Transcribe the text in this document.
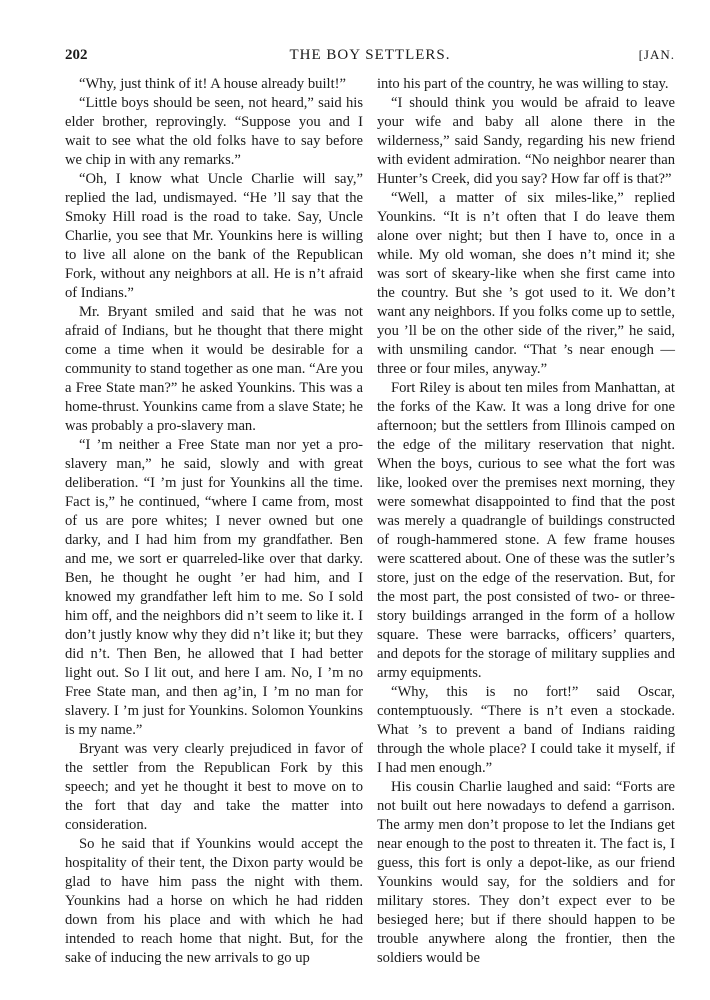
202	THE BOY SETTLERS.	[JAN.

“Why, just think of it! A house already built!”

“Little boys should be seen, not heard,” said his elder brother, reprovingly. “Suppose you and I wait to see what the old folks have to say before we chip in with any remarks.”

“Oh, I know what Uncle Charlie will say,” replied the lad, undismayed. “He ’ll say that the Smoky Hill road is the road to take. Say, Uncle Charlie, you see that Mr. Younkins here is willing to live all alone on the bank of the Republican Fork, without any neighbors at all. He is n’t afraid of Indians.”

Mr. Bryant smiled and said that he was not afraid of Indians, but he thought that there might come a time when it would be desirable for a community to stand together as one man. “Are you a Free State man?” he asked Younkins. This was a home-thrust. Younkins came from a slave State; he was probably a pro-slavery man.

“I ’m neither a Free State man nor yet a pro-slavery man,” he said, slowly and with great deliberation. “I ’m just for Younkins all the time. Fact is,” he continued, “where I came from, most of us are pore whites; I never owned but one darky, and I had him from my grandfather. Ben and me, we sort er quarreled-like over that darky. Ben, he thought he ought ’er had him, and I knowed my grandfather left him to me. So I sold him off, and the neighbors did n’t seem to like it. I don’t justly know why they did n’t like it; but they did n’t. Then Ben, he allowed that I had better light out. So I lit out, and here I am. No, I ’m no Free State man, and then ag’in, I ’m no man for slavery. I ’m just for Younkins. Solomon Younkins is my name.”

Bryant was very clearly prejudiced in favor of the settler from the Republican Fork by this speech; and yet he thought it best to move on to the fort that day and take the matter into consideration.

So he said that if Younkins would accept the hospitality of their tent, the Dixon party would be glad to have him pass the night with them. Younkins had a horse on which he had ridden down from his place and with which he had intended to reach home that night. But, for the sake of inducing the new arrivals to go up

into his part of the country, he was willing to stay.

“I should think you would be afraid to leave your wife and baby all alone there in the wilderness,” said Sandy, regarding his new friend with evident admiration. “No neighbor nearer than Hunter’s Creek, did you say? How far off is that?”

“Well, a matter of six miles-like,” replied Younkins. “It is n’t often that I do leave them alone over night; but then I have to, once in a while. My old woman, she does n’t mind it; she was sort of skeary-like when she first came into the country. But she ’s got used to it. We don’t want any neighbors. If you folks come up to settle, you ’ll be on the other side of the river,” he said, with unsmiling candor. “That ’s near enough — three or four miles, anyway.”

Fort Riley is about ten miles from Manhattan, at the forks of the Kaw. It was a long drive for one afternoon; but the settlers from Illinois camped on the edge of the military reservation that night. When the boys, curious to see what the fort was like, looked over the premises next morning, they were somewhat disappointed to find that the post was merely a quadrangle of buildings constructed of rough-hammered stone. A few frame houses were scattered about. One of these was the sutler’s store, just on the edge of the reservation. But, for the most part, the post consisted of two- or three-story buildings arranged in the form of a hollow square. These were barracks, officers’ quarters, and depots for the storage of military supplies and army equipments.

“Why, this is no fort!” said Oscar, contemptuously. “There is n’t even a stockade. What ’s to prevent a band of Indians raiding through the whole place? I could take it myself, if I had men enough.”

His cousin Charlie laughed and said: “Forts are not built out here nowadays to defend a garrison. The army men don’t propose to let the Indians get near enough to the post to threaten it. The fact is, I guess, this fort is only a depot-like, as our friend Younkins would say, for the soldiers and for military stores. They don’t expect ever to be besieged here; but if there should happen to be trouble anywhere along the frontier, then the soldiers would be
